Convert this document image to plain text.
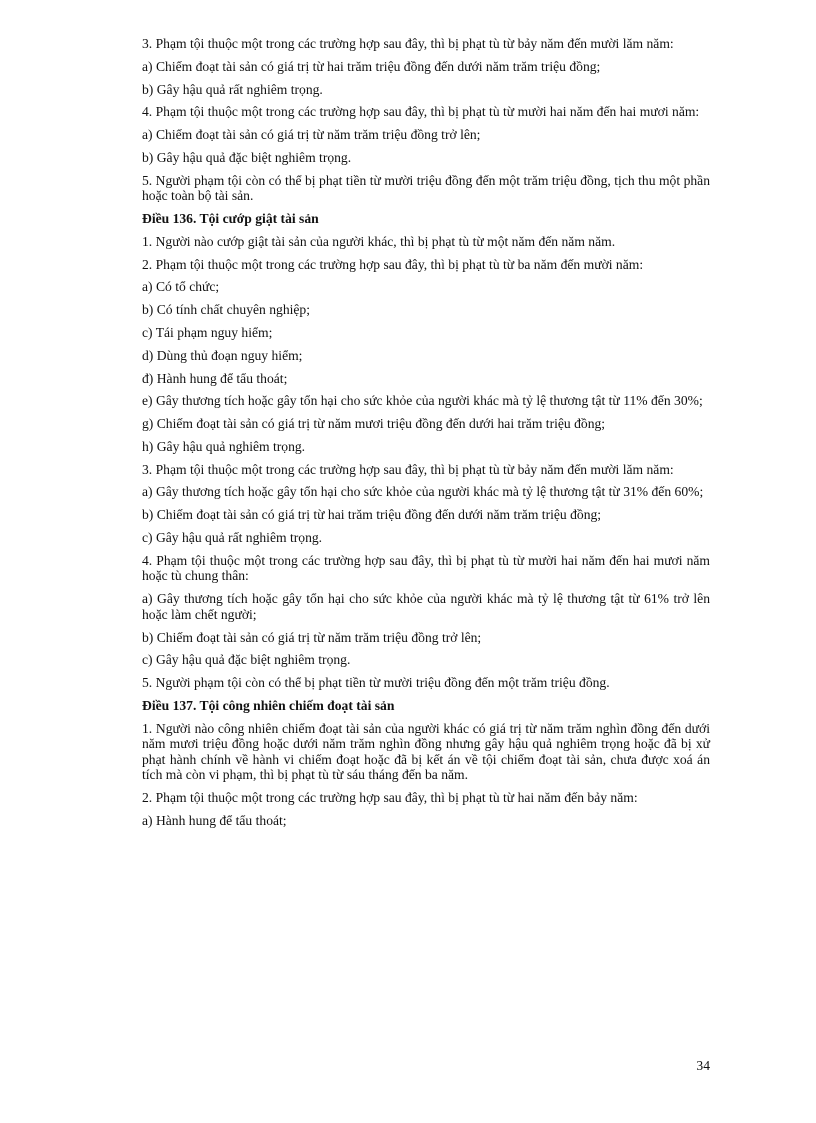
3. Phạm tội thuộc một trong các trường hợp sau đây, thì bị phạt tù từ bảy năm đến mười lăm năm:

a) Chiếm đoạt tài sản có giá trị từ hai trăm triệu đồng đến dưới năm trăm triệu đồng;

b) Gây hậu quả rất nghiêm trọng.

4. Phạm tội thuộc một trong các trường hợp sau đây, thì bị phạt tù từ mười hai năm đến hai mươi năm:

a) Chiếm đoạt tài sản có giá trị từ năm trăm triệu đồng trở lên;

b) Gây hậu quả đặc biệt nghiêm trọng.

5. Người phạm tội còn có thể bị phạt tiền từ mười triệu đồng đến một trăm triệu đồng, tịch thu một phần hoặc toàn bộ tài sản.

Điều 136. Tội cướp giật tài sản

1. Người nào cướp giật tài sản của người khác, thì bị phạt tù từ một năm đến năm năm.

2. Phạm tội thuộc một trong các trường hợp sau đây, thì bị phạt tù từ ba năm đến mười năm:

a) Có tổ chức;

b) Có tính chất chuyên nghiệp;

c) Tái phạm nguy hiểm;

d) Dùng thủ đoạn nguy hiểm;

đ) Hành hung để tẩu thoát;

e) Gây thương tích hoặc gây tổn hại cho sức khỏe của người khác mà tỷ lệ thương tật từ 11% đến 30%;

g) Chiếm đoạt tài sản có giá trị từ năm mươi triệu đồng đến dưới hai trăm triệu đồng;

h) Gây hậu quả nghiêm trọng.

3. Phạm tội thuộc một trong các trường hợp sau đây, thì bị phạt tù từ bảy năm đến mười lăm năm:

a) Gây thương tích hoặc gây tổn hại cho sức khỏe của người khác mà tỷ lệ thương tật từ 31% đến 60%;

b) Chiếm đoạt tài sản có giá trị từ hai trăm triệu đồng đến dưới năm trăm triệu đồng;

c) Gây hậu quả rất nghiêm trọng.

4. Phạm tội thuộc một trong các trường hợp sau đây, thì bị phạt tù từ mười hai năm đến hai mươi năm hoặc tù chung thân:

a) Gây thương tích hoặc gây tổn hại cho sức khỏe của người khác mà tỷ lệ thương tật từ 61% trở lên hoặc làm chết người;

b) Chiếm đoạt tài sản có giá trị từ năm trăm triệu đồng trở lên;

c) Gây hậu quả đặc biệt nghiêm trọng.

5. Người phạm tội còn có thể bị phạt tiền từ mười triệu đồng đến một trăm triệu đồng.

Điều 137. Tội công nhiên chiếm đoạt tài sản

1. Người nào công nhiên chiếm đoạt tài sản của người khác có giá trị từ năm trăm nghìn đồng đến dưới năm mươi triệu đồng hoặc dưới năm trăm nghìn đồng nhưng gây hậu quả nghiêm trọng hoặc đã bị xử phạt hành chính về hành vi chiếm đoạt hoặc đã bị kết án về tội chiếm đoạt tài sản, chưa được xoá án tích mà còn vi phạm, thì bị phạt tù từ sáu tháng đến ba năm.

2. Phạm tội thuộc một trong các trường hợp sau đây, thì bị phạt tù từ hai năm đến bảy năm:

a) Hành hung để tẩu thoát;

34
